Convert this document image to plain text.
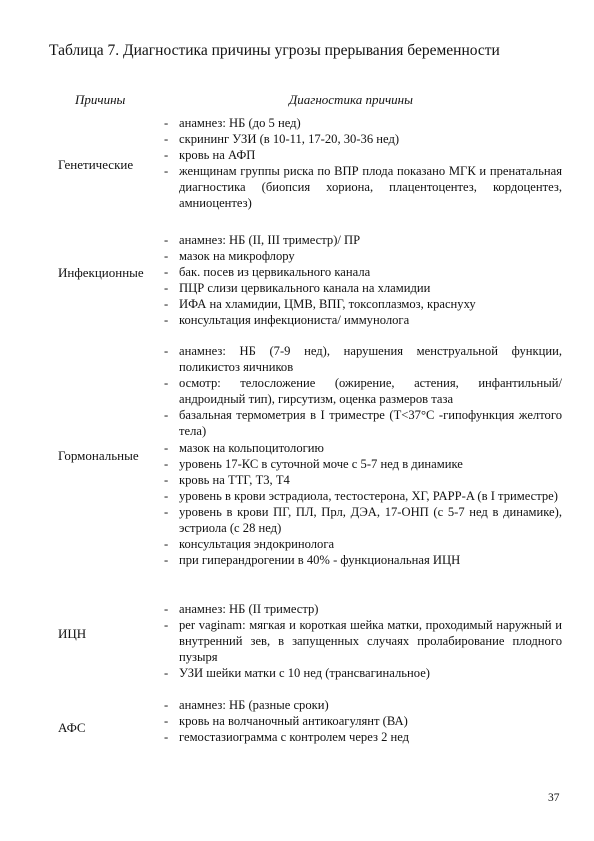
Таблица 7. Диагностика причины угрозы прерывания беременности
Причины	Диагностика причины
Генетические
- анамнез: НБ (до 5 нед)
- скрининг УЗИ (в 10-11, 17-20, 30-36 нед)
- кровь на АФП
- женщинам группы риска по ВПР плода показано МГК и пренатальная диагностика (биопсия хориона, плацентоцентез, кордоцентез, амниоцентез)
Инфекционные
- анамнез: НБ (II, III триместр)/ ПР
- мазок на микрофлору
- бак. посев из цервикального канала
- ПЦР слизи цервикального канала на хламидии
- ИФА на хламидии, ЦМВ, ВПГ, токсоплазмоз, краснуху
- консультация инфекциониста/ иммунолога
Гормональные
- анамнез: НБ (7-9 нед), нарушения менструальной функции, поликистоз яичников
- осмотр: телосложение (ожирение, астения, инфантильный/андроидный тип), гирсутизм, оценка размеров таза
- базальная термометрия в I триместре (Т<37°С -гипофункция желтого тела)
- мазок на кольпоцитологию
- уровень 17-КС в суточной моче с 5-7 нед в динамике
- кровь на ТТГ, Т3, Т4
- уровень в крови эстрадиола, тестостерона, ХГ, PAPP-A (в I триместре)
- уровень в крови ПГ, ПЛ, Прл, ДЭА, 17-ОНП (с 5-7 нед в динамике), эстриола (с 28 нед)
- консультация эндокринолога
- при гиперандрогении в 40% - функциональная ИЦН
ИЦН
- анамнез: НБ (II триместр)
- per vaginam: мягкая и короткая шейка матки, проходимый наружный и внутренний зев, в запущенных случаях пролабирование плодного пузыря
- УЗИ шейки матки с 10 нед (трансвагинальное)
АФС
- анамнез: НБ (разные сроки)
- кровь на волчаночный антикоагулянт (ВА)
- гемостазиограмма с контролем через 2 нед
37
